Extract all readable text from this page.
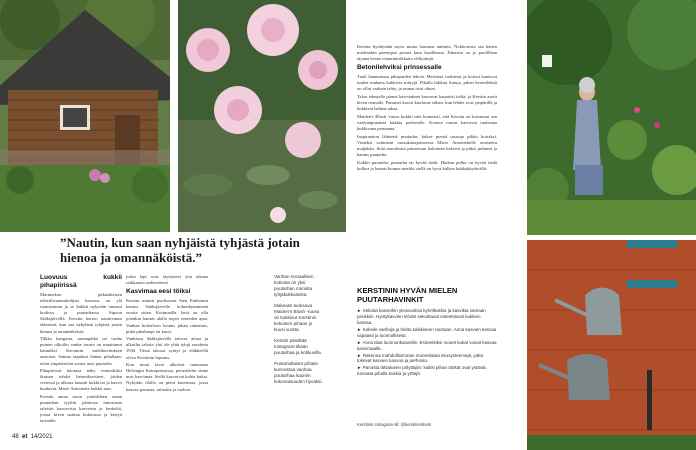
”Nautin, kun saan nyhjäistä tyhjästä jotain hienoa ja omannäköistä.”
Luovuus kukkii pihapiirissä

Marimekon pitkäaikaisen tekstiilisuunnittelijan luovuus on ylä ruumistunut ja se kukkii nykyään omassa kodissa ja puutarhassa Sipoon Sääksjärvellä. Kerstin kertoo nauttivansa elämästä, kun saa nyhjäistä tyhjästä jotain hienoa ja omannäköistä.

Tilkka kangasta, narunpätkä tai vanha puinen ulkoiltu vanha tavara on muuttunut kauniiksi Kerstinin mielikuvituksen ansiosta. Samaa tapahtui hänen pihallaan: talon ympäristöön syntyi uusi puutarha.

Pihapiirissä huomaa näky esimerkiksi ikuisen tehdyt betonikoristeet, joiden vieressä ja ulkona kauniit kukkivat ja kasvit kuuluvat. Marie Antoinette kukkii taas.

Kerstin antaa usein ystävälleen oman puutarhan tyyliin johtuvaa innostusta talvisin kasvavista kasveista ja keskeltä, joissa kiven saattaa kukoistaa ja kertyä taivaalle.

joska lapi ovat täyttyneet yön aikana raikkaasta sadevedestä.

Kasvimaa eesi töiksi

Kerstin muutti puolisonsa Sten Embomin kanssa Sääksjärvelle kolmekymmentä vuotta sitten. Kotimaalla, kesä on olla jotenkin kaunis alalla nojen veneiden ajan. Vanhaa kotitaloon kaunis pihan rakennus, pitkä pihalampi tai kasvi.

Vanhassa Sääksjärvelle talossa aittaa ja ulkoiltu talotta yhä ole yhtä tyhjä vuodesta 1930. Tässä talossa syntyi ja eläkkeellä oleva Kerstinin lapsuus.

Kun muut tavat alkoivat tunnustaa Helsingin Katrupuistossa, perustettiin sinne uusi kasvimaa. Siellä kasvoivat kohta kukat. Nykyään tilalla on pieni kasvimaa, jossa kasvaa perunaa, salaattia ja ruohoa.

Vanhan sociaalisen kotiosta on yksi puutarhan monista tyhjäkukkaisista.

Makeasti tuoksuva Maiden's Blush -ruusu on kukkinut Kerstinin kokoinen pihaan jo kuusi vuotta.

Kerstin päivittää Instagram-tiliään puutarhaa ja kotikuvilla.

Punamultaiset pihatie kunnostaa vanhaa puutarhaa kauniin kokonaisuuden hyväksi.

Kerstin hyödyntää myös muita luonnon antimia. Nokkosesta saa hänen mielestään parempaa pestoa kuin basilikasta. Pakastin on jo puolillaan täynnä kesän vitamiinirikkaita villiyrttejä.

Betonilehviksi prinsessalle

Tuuli hammastaa pihapuiden lehviä. Metsässä vaahterat ja koivut kantavat tuulen mukana kukkivia niittyjä. Pihalla liikkuu lintuja, pihan betonilehtiä on ollut varhain tehty, ja reunat ovat ohuet.

Talon edustalla pienet kasvitaimet kasvavat kauniisti tieltä, ja Kerstin asetti kiven reunalle. Punaiset kasvit kuuluvat siihen, kun lehdet ovat ympärillä ja kukkivat hetken aikaa.

Maiden's Blush -ruusu kukkii niin komeasti, että Kerstin on kuvannut sen vaaleanpunaisia kukkia perhoselle. Kotona ruusut kasvavat tuuheana kukkivana pensaana.

Inspiraation lähteenä puutarha; kokee pieniä ruusuja pikku koiraksi. Vimeksi valmistui ruusukaitaprinsessa Marie Antoinettelle omistettu maljakko. Siitä muodostui prinsessan kokoinen keksivä ja pitkä, pehmeä ja kaunis puutarha.

Kukkii puutarha, puutarha on hyvää tiedä. Hiukan polku on hyvää tiedä kulkea ja kaunis kuuma merkki siellä on hyvä kulkea kukkakäytävällä.

KERSTININ HYVÄN MIELEN PUUTARHAVINKIT
► Sekoita kasveihin yksivuotisia kyhölkukkia ja kasvikia samaan penkkiin. Hyötykasvien lehdet sekoittavat esteettisesti kukkien kanssa.
► Kokeile vanhoja ja heitto kaikkiseen rauhaan. Anna kasvien kasvaa vapaasti ja luonnollisesti.
► Anna tilaa luonnonkasveille. Esimerkiksi monet kukat voivat kasvaa kasvimaalla.
► Rakenna mahdollisimman monenlaisia ekosysteemejä, jotka tukevat kasvien kasvua ja perhosia.
► Panosta lähialueen pölyttäjiin: kaikki pihan ötökät ovat ystäviä. Kasvata pihalla kukkia ja yrttejä.
Kerstinin Instagram-tili: @kerstinembom
48 et 14/2021
